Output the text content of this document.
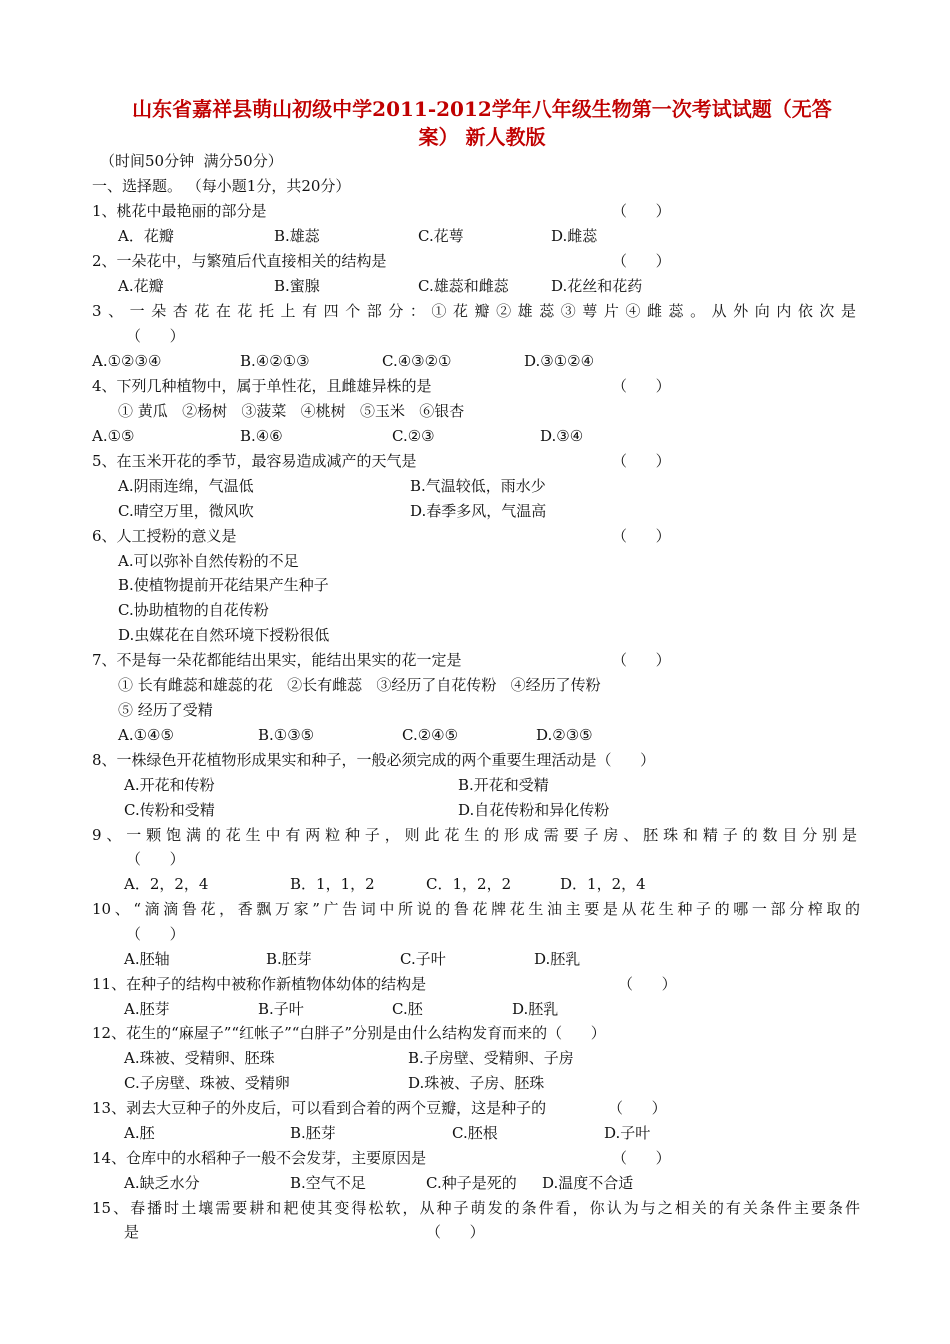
山东省嘉祥县萌山初级中学2011-2012学年八年级生物第一次考试试题（无答
案） 新人教版
（时间50分钟  满分50分）
一、选择题。 （每小题1分，共20分）
1、桃花中最艳丽的部分是	（      ）
A．花瓣	B.雄蕊	C.花萼	D.雌蕊
2、一朵花中，与繁殖后代直接相关的结构是	（      ）
A.花瓣	B.蜜腺	C.雄蕊和雌蕊	D.花丝和花药
3、一朵杏花在花托上有四个部分：①花瓣②雄蕊③萼片④雌蕊。从外向内依次是
（      ）
A.①②③④	B.④②①③	C.④③②①	D.③①②④
4、下列几种植物中，属于单性花，且雌雄异株的是	（      ）
① 黄瓜   ②杨树   ③菠菜   ④桃树   ⑤玉米   ⑥银杏
A.①⑤	B.④⑥	C.②③	D.③④
5、在玉米开花的季节，最容易造成减产的天气是	（      ）
A.阴雨连绵，气温低	B.气温较低，雨水少
C.晴空万里，微风吹	D.春季多风，气温高
6、人工授粉的意义是	（      ）
A.可以弥补自然传粉的不足
B.使植物提前开花结果产生种子
C.协助植物的自花传粉
D.虫媒花在自然环境下授粉很低
7、不是每一朵花都能结出果实，能结出果实的花一定是	（      ）
① 长有雌蕊和雄蕊的花   ②长有雌蕊   ③经历了自花传粉   ④经历了传粉
⑤ 经历了受精
A.①④⑤	B.①③⑤	C.②④⑤	D.②③⑤
8、一株绿色开花植物形成果实和种子，一般必须完成的两个重要生理活动是（      ）
A.开花和传粉	B.开花和受精
C.传粉和受精	D.自花传粉和异化传粉
9、一颗饱满的花生中有两粒种子，则此花生的形成需要子房、胚珠和精子的数目分别是
（      ）
A．2，2，4	B．1，1，2	C．1，2，2	D．1，2，4
10、“滴滴鲁花，香飘万家”广告词中所说的鲁花牌花生油主要是从花生种子的哪一部分榨取的
（      ）
A.胚轴	B.胚芽	C.子叶	D.胚乳
11、在种子的结构中被称作新植物体幼体的结构是	（      ）
A.胚芽	B.子叶	C.胚	D.胚乳
12、花生的“麻屋子”“红帐子”“白胖子”分别是由什么结构发育而来的（      ）
A.珠被、受精卵、胚珠	B.子房壁、受精卵、子房
C.子房壁、珠被、受精卵	D.珠被、子房、胚珠
13、剥去大豆种子的外皮后，可以看到合着的两个豆瓣，这是种子的	（      ）
A.胚	B.胚芽	C.胚根	D.子叶
14、仓库中的水稻种子一般不会发芽，主要原因是	（      ）
A.缺乏水分	B.空气不足	C.种子是死的 D.温度不合适
15、春播时土壤需要耕和耙使其变得松软，从种子萌发的条件看，你认为与之相关的有关条件主要条件
是	（      ）
